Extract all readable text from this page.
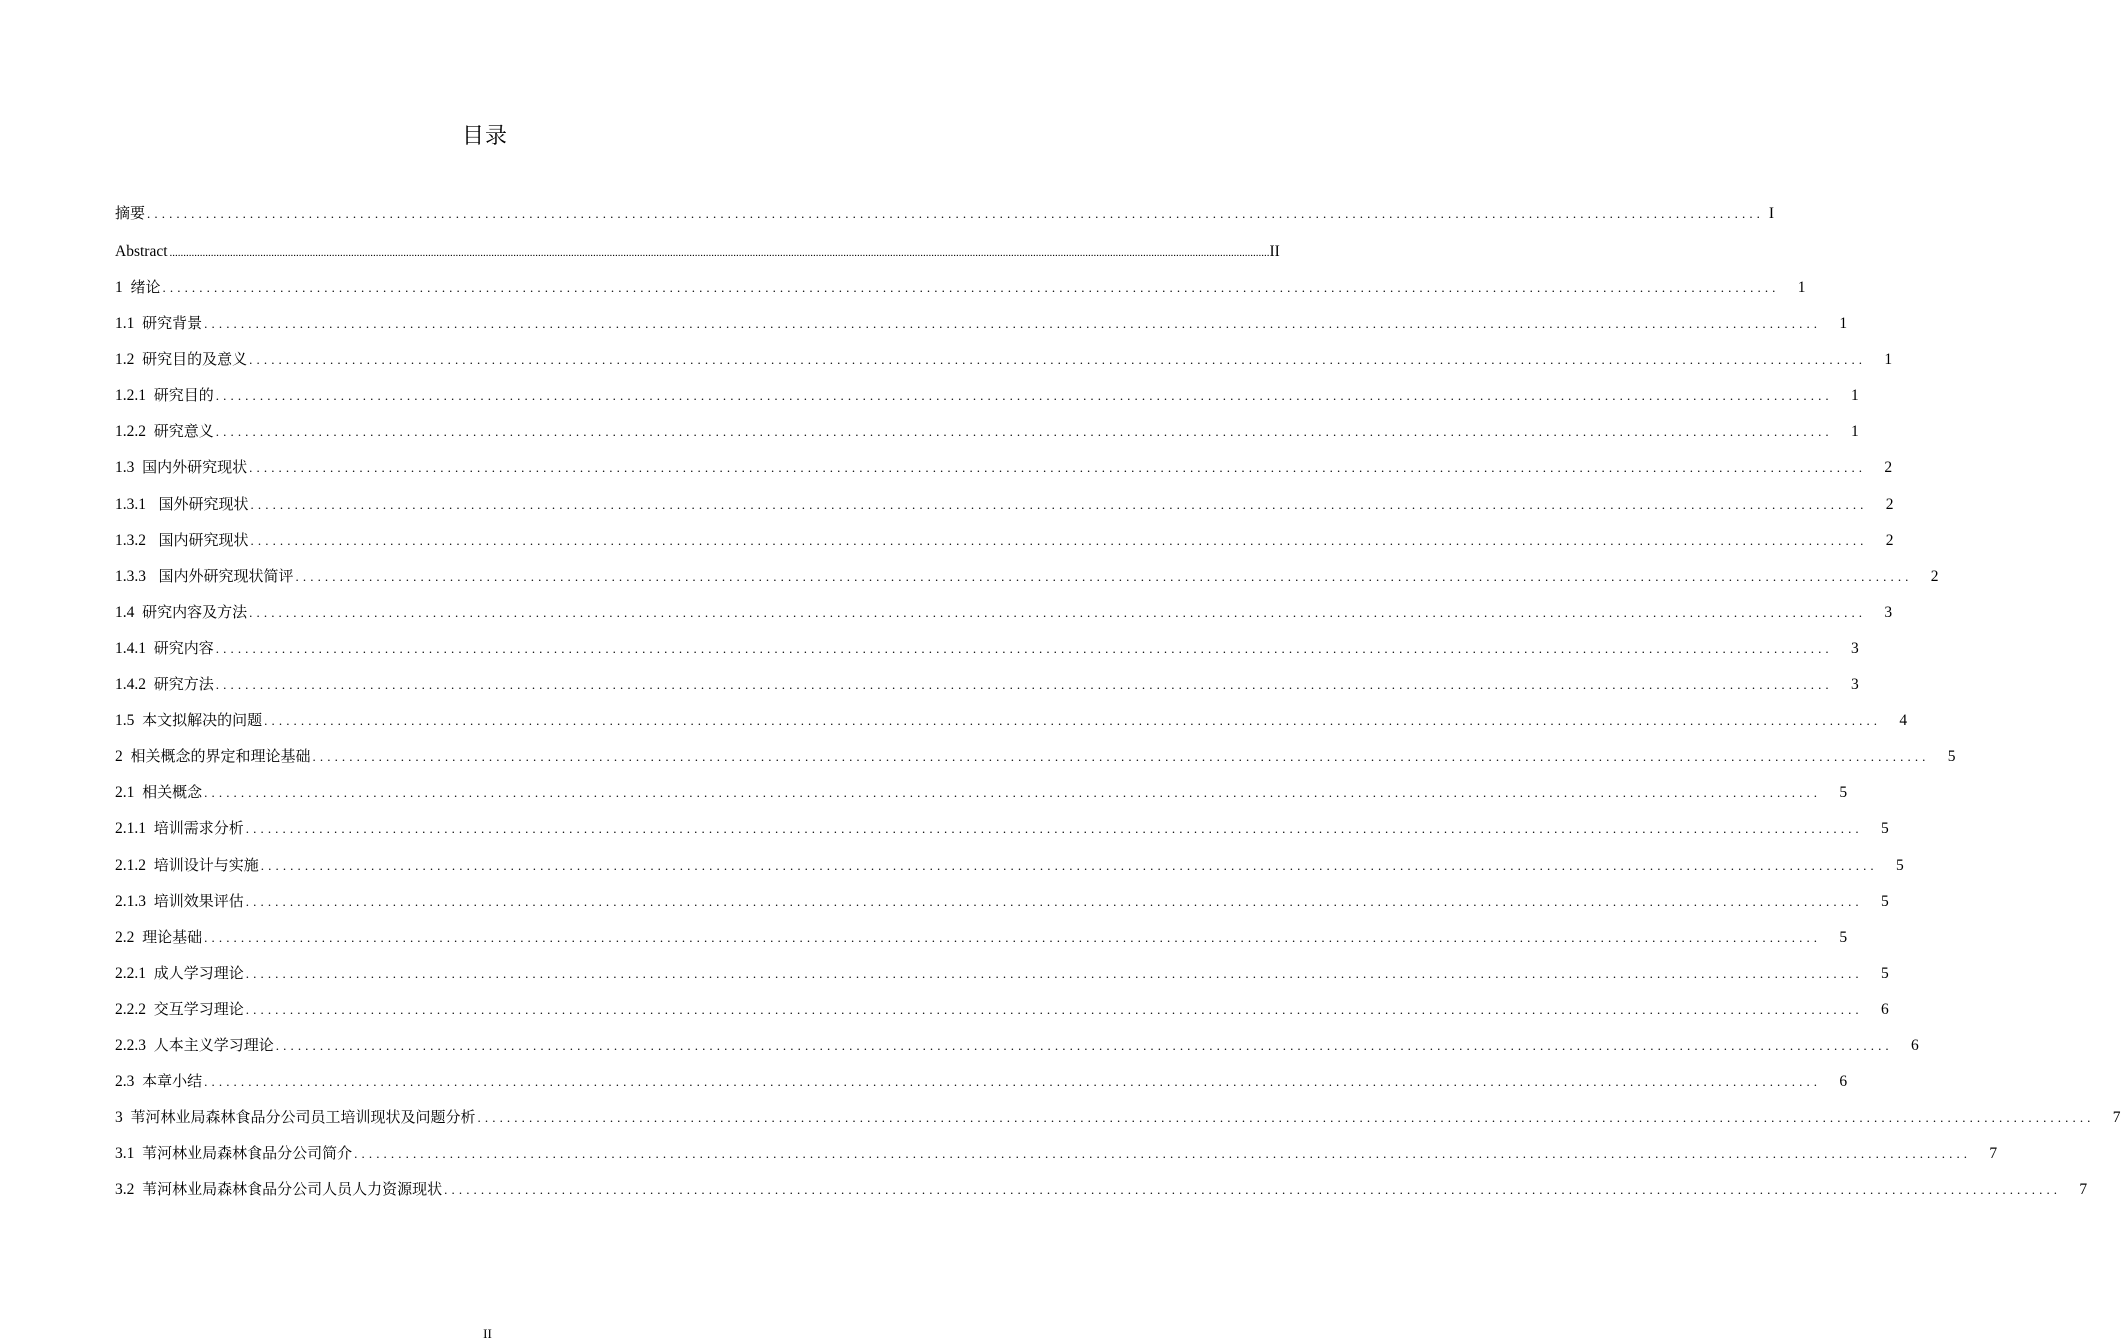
目录
摘要 ............................................................................................................................................................................................................................ I
Abstract ................................................................................................................................................................................................................................................................................................................................................................................................................ II
1 绪论 ............................................................................................................................................................................................................................	1
1.1 研究背景 ............................................................................................................................................................................................................................	1
1.2 研究目的及意义 ............................................................................................................................................................................................................................	1
1.2.1 研究目的 ............................................................................................................................................................................................................................	1
1.2.2 研究意义 ............................................................................................................................................................................................................................	1
1.3 国内外研究现状 ............................................................................................................................................................................................................................	2
1.3.1   国外研究现状 ............................................................................................................................................................................................................................	2
1.3.2   国内研究现状 ............................................................................................................................................................................................................................	2
1.3.3   国内外研究现状简评 ............................................................................................................................................................................................................................	2
1.4 研究内容及方法 ............................................................................................................................................................................................................................	3
1.4.1 研究内容 ............................................................................................................................................................................................................................	3
1.4.2 研究方法 ............................................................................................................................................................................................................................	3
1.5 本文拟解决的问题 ............................................................................................................................................................................................................................	4
2 相关概念的界定和理论基础 ............................................................................................................................................................................................................................	5
2.1 相关概念 ............................................................................................................................................................................................................................	5
2.1.1 培训需求分析 ............................................................................................................................................................................................................................	5
2.1.2 培训设计与实施 ............................................................................................................................................................................................................................	5
2.1.3 培训效果评估 ............................................................................................................................................................................................................................	5
2.2 理论基础 ............................................................................................................................................................................................................................	5
2.2.1 成人学习理论 ............................................................................................................................................................................................................................	5
2.2.2 交互学习理论 ............................................................................................................................................................................................................................	6
2.2.3 人本主义学习理论 ............................................................................................................................................................................................................................	6
2.3 本章小结 ............................................................................................................................................................................................................................	6
3 苇河林业局森林食品分公司员工培训现状及问题分析 ............................................................................................................................................................................................................................	7
3.1 苇河林业局森林食品分公司简介 ............................................................................................................................................................................................................................	7
3.2 苇河林业局森林食品分公司人员人力资源现状 ............................................................................................................................................................................................................................	7
II
